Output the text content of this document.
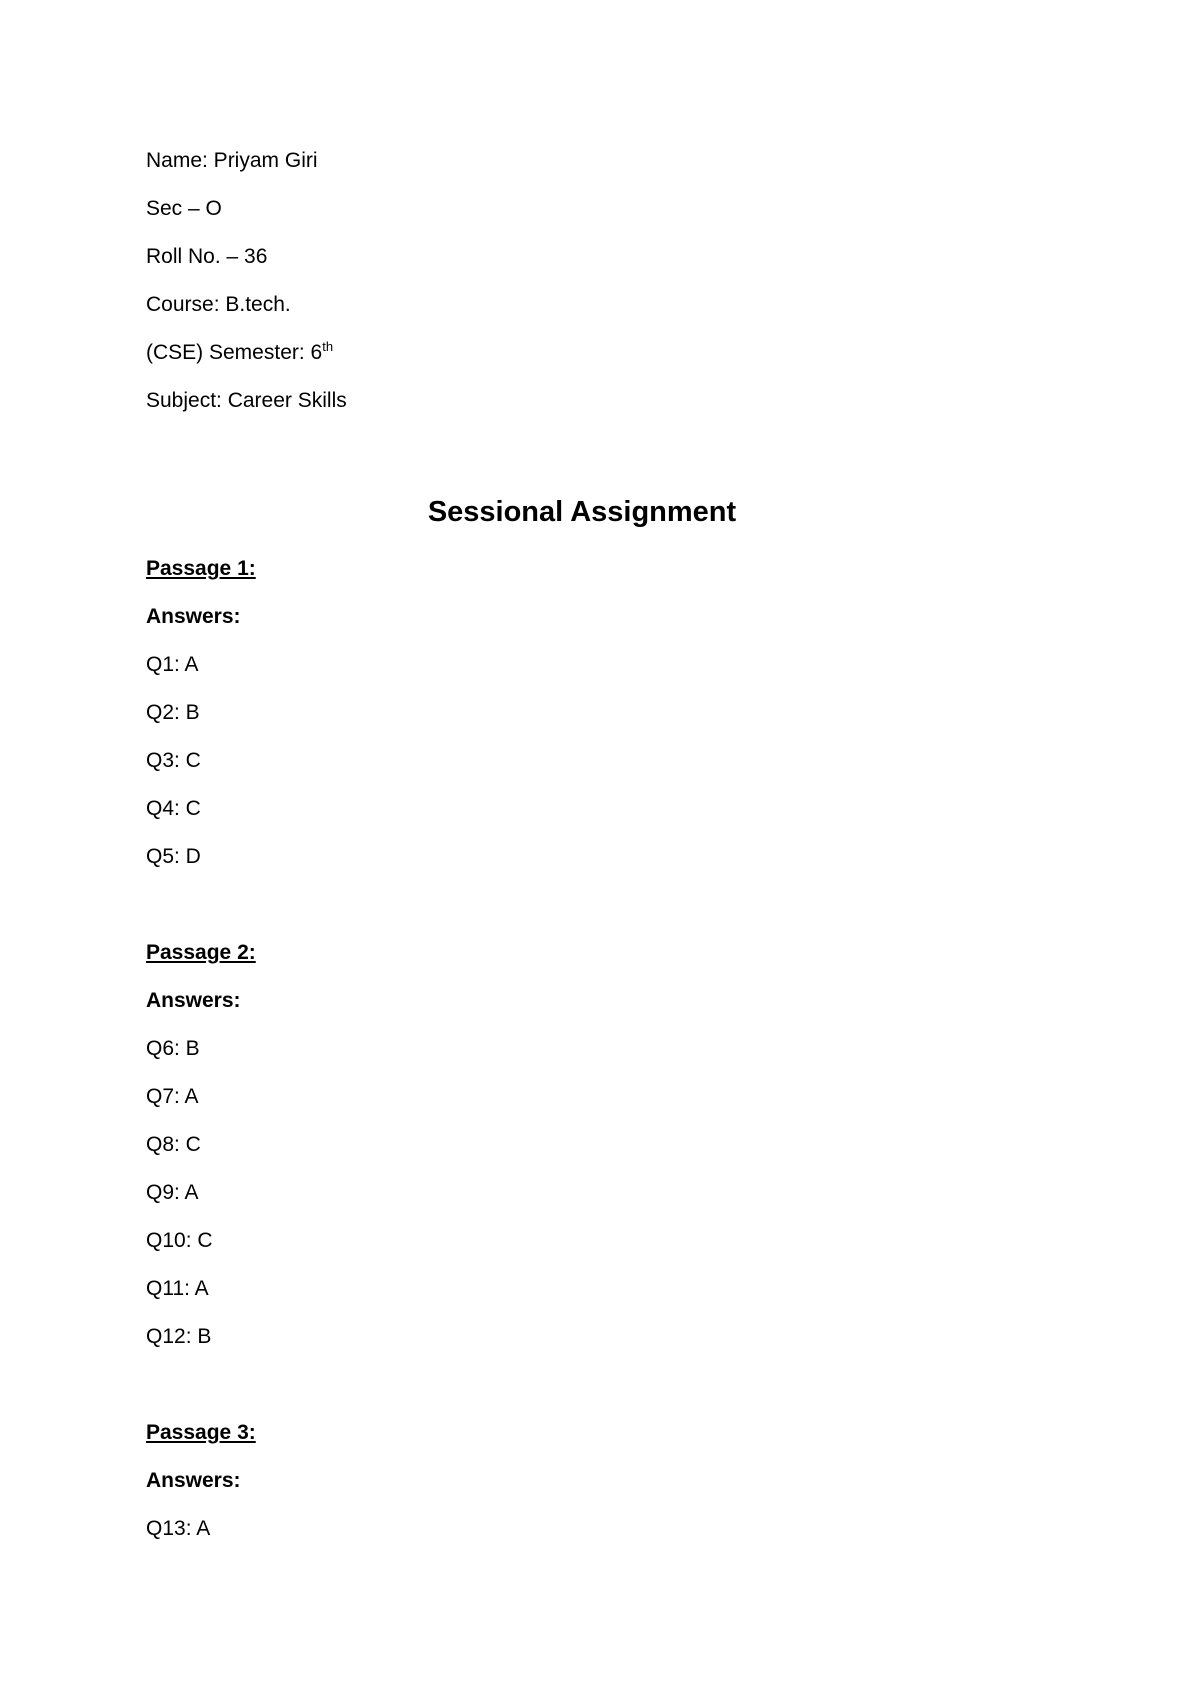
Name: Priyam Giri
Sec – O
Roll No. – 36
Course: B.tech.
(CSE) Semester: 6th
Subject: Career Skills
Sessional Assignment
Passage 1:
Answers:
Q1: A
Q2: B
Q3: C
Q4: C
Q5: D
Passage 2:
Answers:
Q6: B
Q7: A
Q8: C
Q9: A
Q10: C
Q11: A
Q12: B
Passage 3:
Answers:
Q13: A
